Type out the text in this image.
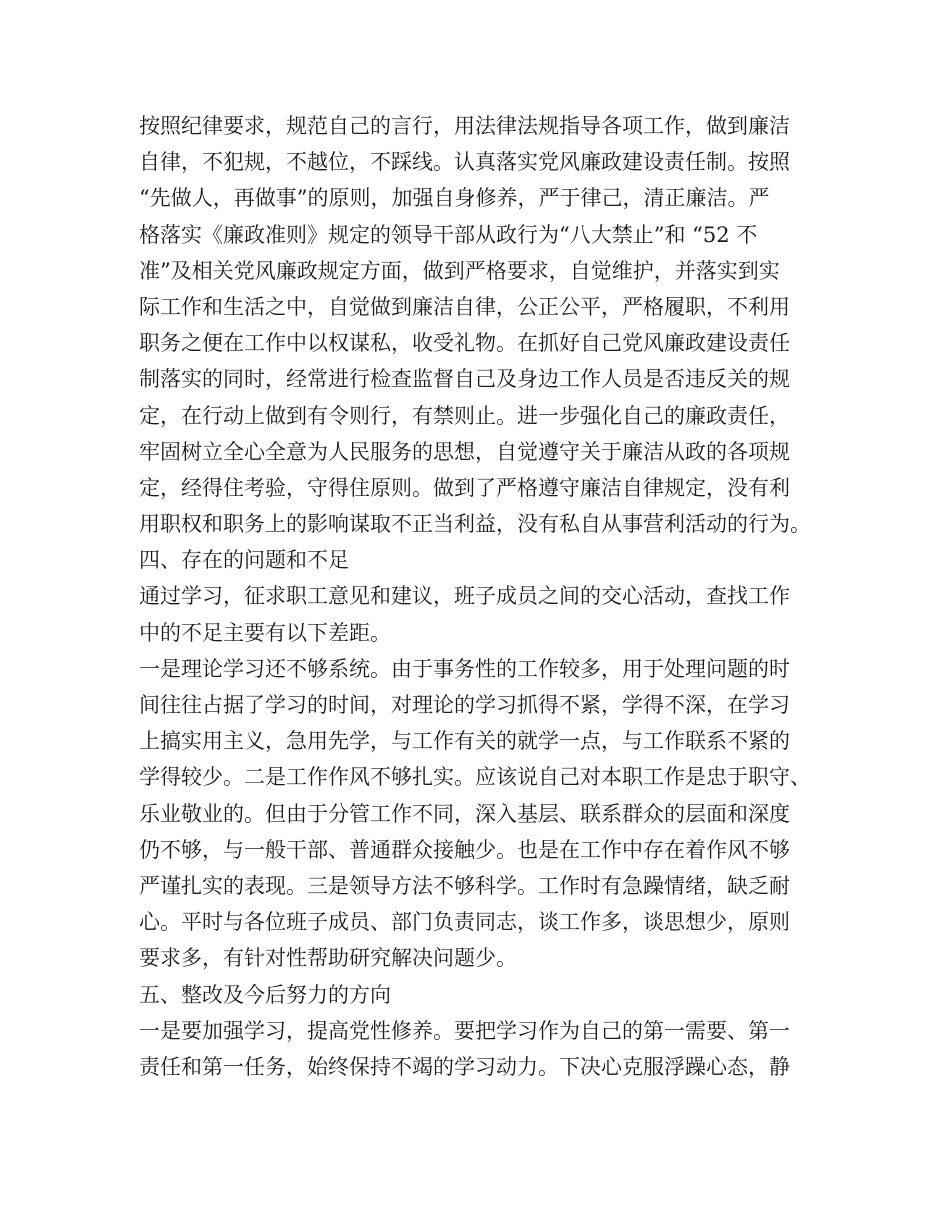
按照纪律要求，规范自己的言行，用法律法规指导各项工作，做到廉洁
自律，不犯规，不越位，不踩线。认真落实党风廉政建设责任制。按照
“先做人，再做事”的原则，加强自身修养，严于律己，清正廉洁。严
格落实《廉政准则》规定的领导干部从政行为“八大禁止”和 “52 不
准”及相关党风廉政规定方面，做到严格要求，自觉维护，并落实到实
际工作和生活之中，自觉做到廉洁自律，公正公平，严格履职，不利用
职务之便在工作中以权谋私，收受礼物。在抓好自己党风廉政建设责任
制落实的同时，经常进行检查监督自己及身边工作人员是否违反关的规
定，在行动上做到有令则行，有禁则止。进一步强化自己的廉政责任，
牢固树立全心全意为人民服务的思想，自觉遵守关于廉洁从政的各项规
定，经得住考验，守得住原则。做到了严格遵守廉洁自律规定，没有利
用职权和职务上的影响谋取不正当利益，没有私自从事营利活动的行为。
四、存在的问题和不足
通过学习，征求职工意见和建议，班子成员之间的交心活动，查找工作
中的不足主要有以下差距。
一是理论学习还不够系统。由于事务性的工作较多，用于处理问题的时
间往往占据了学习的时间，对理论的学习抓得不紧，学得不深，在学习
上搞实用主义，急用先学，与工作有关的就学一点，与工作联系不紧的
学得较少。二是工作作风不够扎实。应该说自己对本职工作是忠于职守、
乐业敬业的。但由于分管工作不同，深入基层、联系群众的层面和深度
仍不够，与一般干部、普通群众接触少。也是在工作中存在着作风不够
严谨扎实的表现。三是领导方法不够科学。工作时有急躁情绪，缺乏耐
心。平时与各位班子成员、部门负责同志，谈工作多，谈思想少，原则
要求多，有针对性帮助研究解决问题少。
五、整改及今后努力的方向
一是要加强学习，提高党性修养。要把学习作为自己的第一需要、第一
责任和第一任务，始终保持不竭的学习动力。下决心克服浮躁心态，静
